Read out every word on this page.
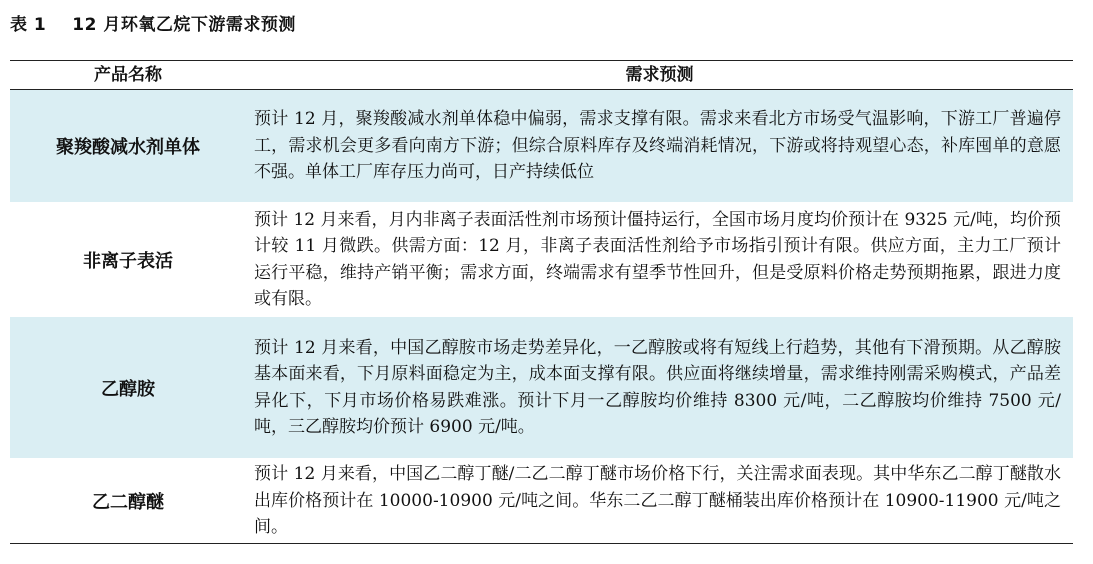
表 1 12 月环氧乙烷下游需求预测
产品名称	需求预测
聚羧酸减水剂单体	预计 12 月，聚羧酸减水剂单体稳中偏弱，需求支撑有限。需求来看北方市场受气温影响，下游工厂普遍停工，需求机会更多看向南方下游；但综合原料库存及终端消耗情况，下游或将持观望心态，补库囤单的意愿不强。单体工厂库存压力尚可，日产持续低位
非离子表活	预计 12 月来看，月内非离子表面活性剂市场预计僵持运行，全国市场月度均价预计在 9325 元/吨，均价预计较 11 月微跌。供需方面：12 月，非离子表面活性剂给予市场指引预计有限。供应方面，主力工厂预计运行平稳，维持产销平衡；需求方面，终端需求有望季节性回升，但是受原料价格走势预期拖累，跟进力度或有限。
乙醇胺	预计 12 月来看，中国乙醇胺市场走势差异化，一乙醇胺或将有短线上行趋势，其他有下滑预期。从乙醇胺基本面来看，下月原料面稳定为主，成本面支撑有限。供应面将继续增量，需求维持刚需采购模式，产品差异化下，下月市场价格易跌难涨。预计下月一乙醇胺均价维持 8300 元/吨，二乙醇胺均价维持 7500 元/吨，三乙醇胺均价预计 6900 元/吨。
乙二醇醚	预计 12 月来看，中国乙二醇丁醚/二乙二醇丁醚市场价格下行，关注需求面表现。其中华东乙二醇丁醚散水出库价格预计在 10000-10900 元/吨之间。华东二乙二醇丁醚桶装出库价格预计在 10900-11900 元/吨之间。
